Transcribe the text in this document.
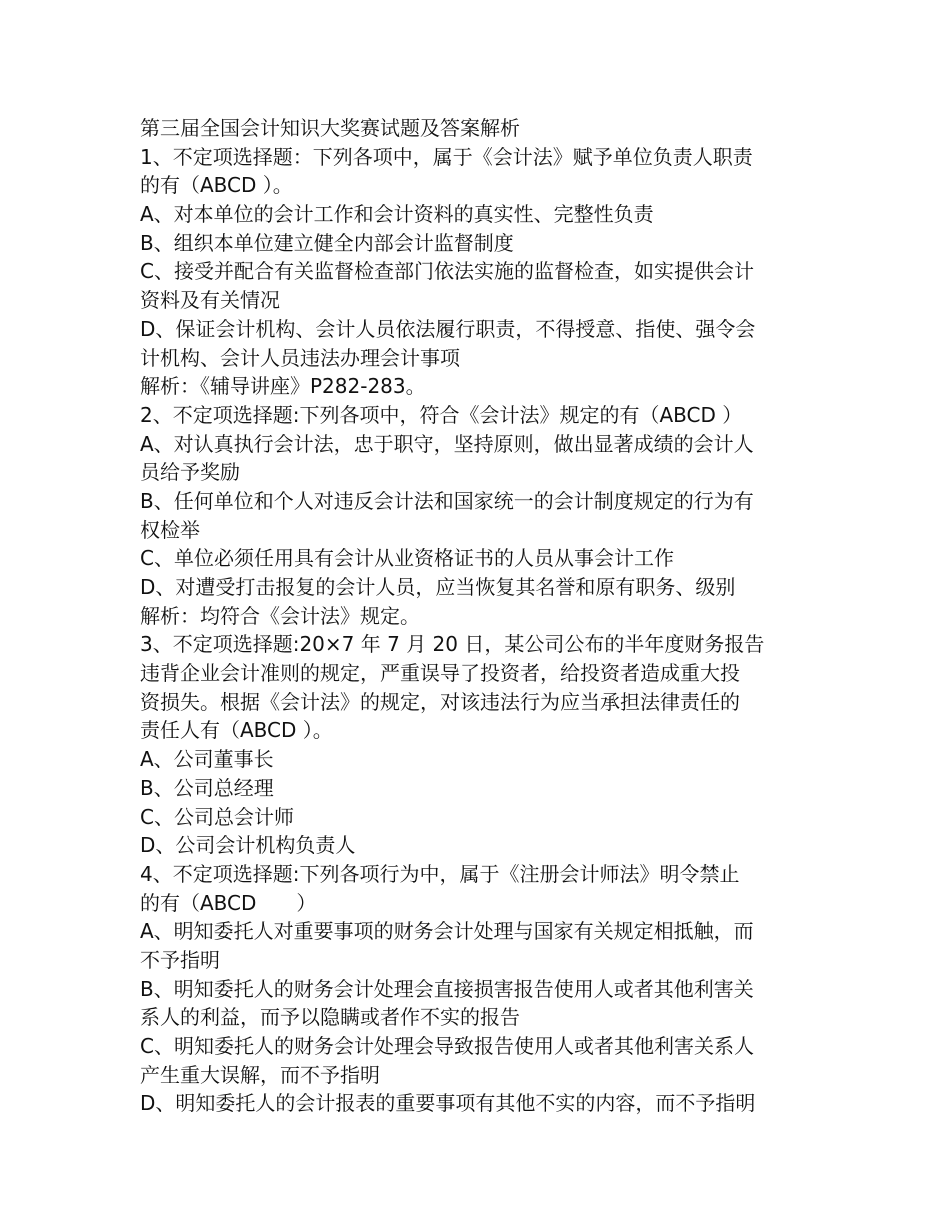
第三届全国会计知识大奖赛试题及答案解析
1、不定项选择题：下列各项中，属于《会计法》赋予单位负责人职责
的有（ABCD ）。
A、对本单位的会计工作和会计资料的真实性、完整性负责
B、组织本单位建立健全内部会计监督制度
C、接受并配合有关监督检查部门依法实施的监督检查，如实提供会计
资料及有关情况
D、保证会计机构、会计人员依法履行职责，不得授意、指使、强令会
计机构、会计人员违法办理会计事项
解析：《辅导讲座》P282-283。
2、不定项选择题:下列各项中，符合《会计法》规定的有（ABCD ）
A、对认真执行会计法，忠于职守，坚持原则，做出显著成绩的会计人
员给予奖励
B、任何单位和个人对违反会计法和国家统一的会计制度规定的行为有
权检举
C、单位必须任用具有会计从业资格证书的人员从事会计工作
D、对遭受打击报复的会计人员，应当恢复其名誉和原有职务、级别
解析：均符合《会计法》规定。
3、不定项选择题:20×7 年 7 月 20 日，某公司公布的半年度财务报告
违背企业会计准则的规定，严重误导了投资者，给投资者造成重大投
资损失。根据《会计法》的规定，对该违法行为应当承担法律责任的
责任人有（ABCD ）。
A、公司董事长
B、公司总经理
C、公司总会计师
D、公司会计机构负责人
4、不定项选择题:下列各项行为中，属于《注册会计师法》明令禁止
的有（ABCD　　）
A、明知委托人对重要事项的财务会计处理与国家有关规定相抵触，而
不予指明
B、明知委托人的财务会计处理会直接损害报告使用人或者其他利害关
系人的利益，而予以隐瞒或者作不实的报告
C、明知委托人的财务会计处理会导致报告使用人或者其他利害关系人
产生重大误解，而不予指明
D、明知委托人的会计报表的重要事项有其他不实的内容，而不予指明
